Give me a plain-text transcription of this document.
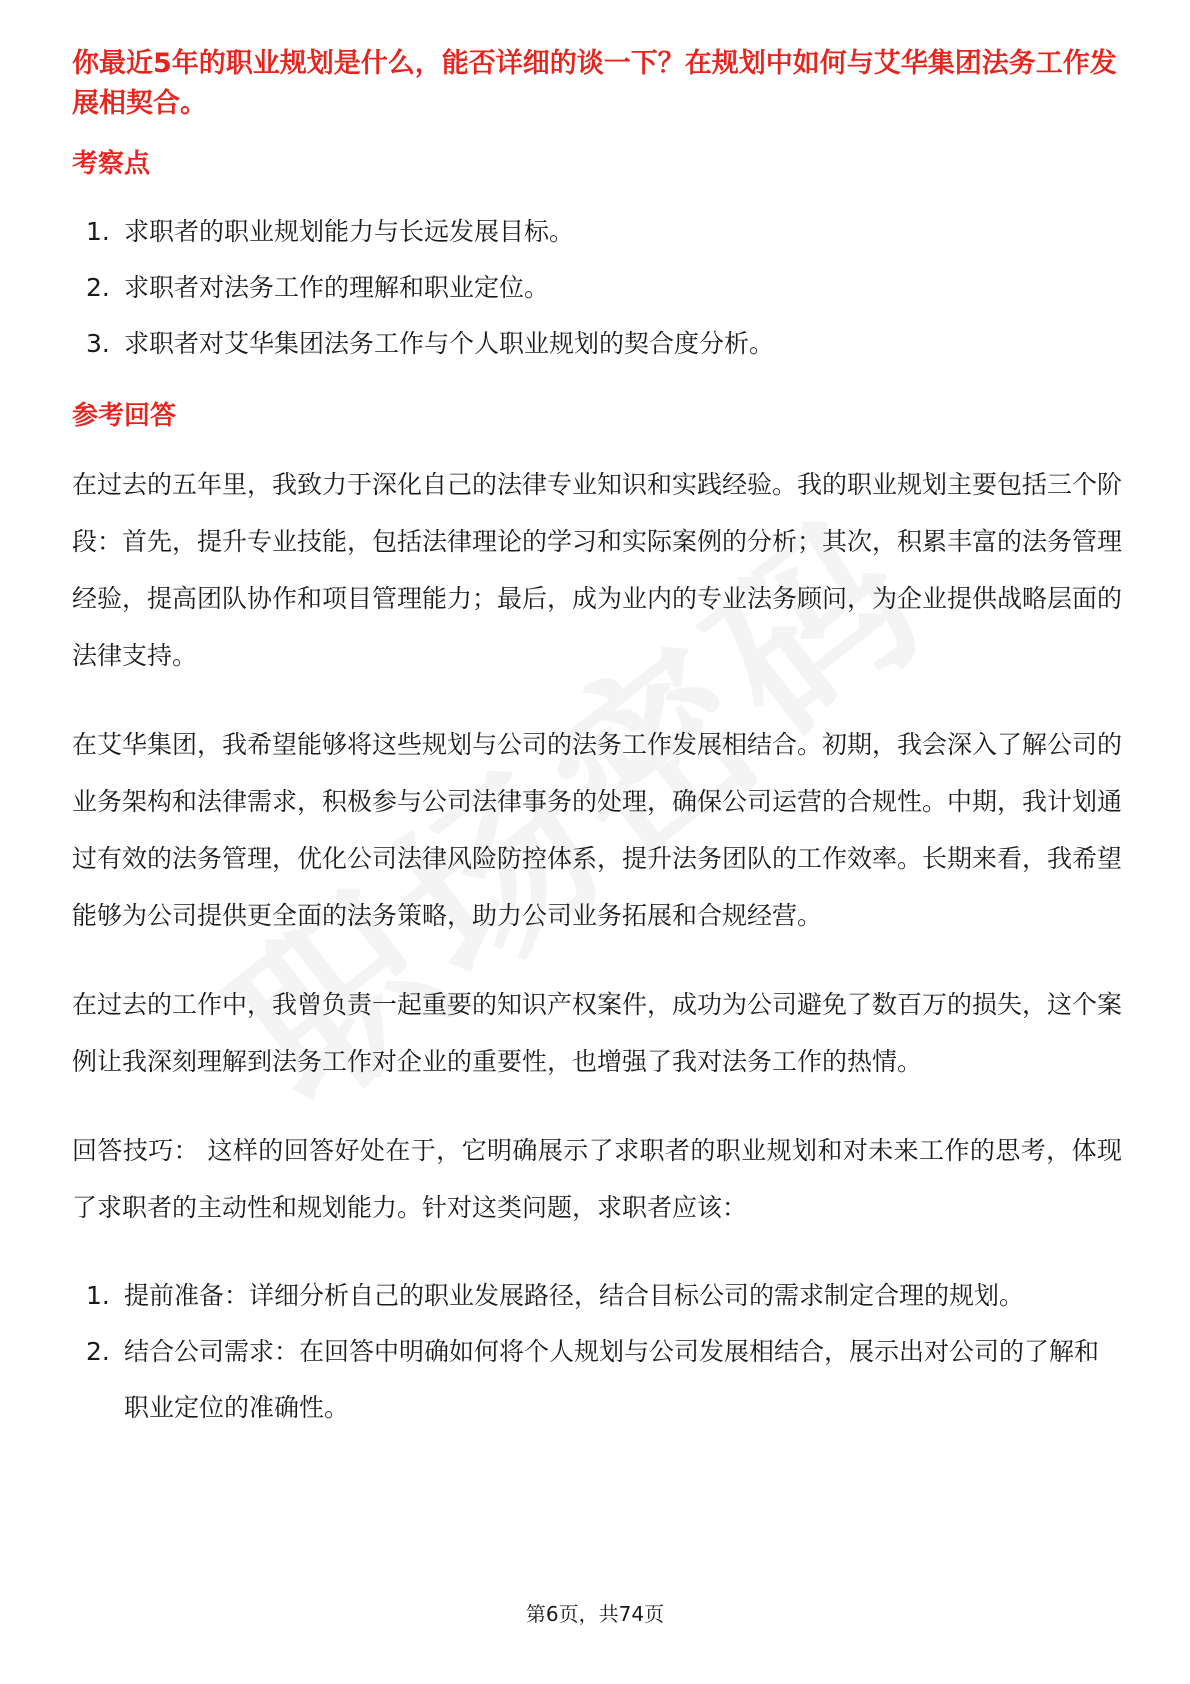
你最近5年的职业规划是什么，能否详细的谈一下？在规划中如何与艾华集团法务工作发展相契合。
考察点
1. 求职者的职业规划能力与长远发展目标。
2. 求职者对法务工作的理解和职业定位。
3. 求职者对艾华集团法务工作与个人职业规划的契合度分析。
参考回答

在过去的五年里，我致力于深化自己的法律专业知识和实践经验。我的职业规划主要包括三个阶段：首先，提升专业技能，包括法律理论的学习和实际案例的分析；其次，积累丰富的法务管理经验，提高团队协作和项目管理能力；最后，成为业内的专业法务顾问，为企业提供战略层面的法律支持。

在艾华集团，我希望能够将这些规划与公司的法务工作发展相结合。初期，我会深入了解公司的业务架构和法律需求，积极参与公司法律事务的处理，确保公司运营的合规性。中期，我计划通过有效的法务管理，优化公司法律风险防控体系，提升法务团队的工作效率。长期来看，我希望能够为公司提供更全面的法务策略，助力公司业务拓展和合规经营。

在过去的工作中，我曾负责一起重要的知识产权案件，成功为公司避免了数百万的损失，这个案例让我深刻理解到法务工作对企业的重要性，也增强了我对法务工作的热情。

回答技巧： 这样的回答好处在于，它明确展示了求职者的职业规划和对未来工作的思考，体现了求职者的主动性和规划能力。针对这类问题，求职者应该：

1. 提前准备：详细分析自己的职业发展路径，结合目标公司的需求制定合理的规划。
2. 结合公司需求：在回答中明确如何将个人规划与公司发展相结合，展示出对公司的了解和职业定位的准确性。
第6页，共74页
